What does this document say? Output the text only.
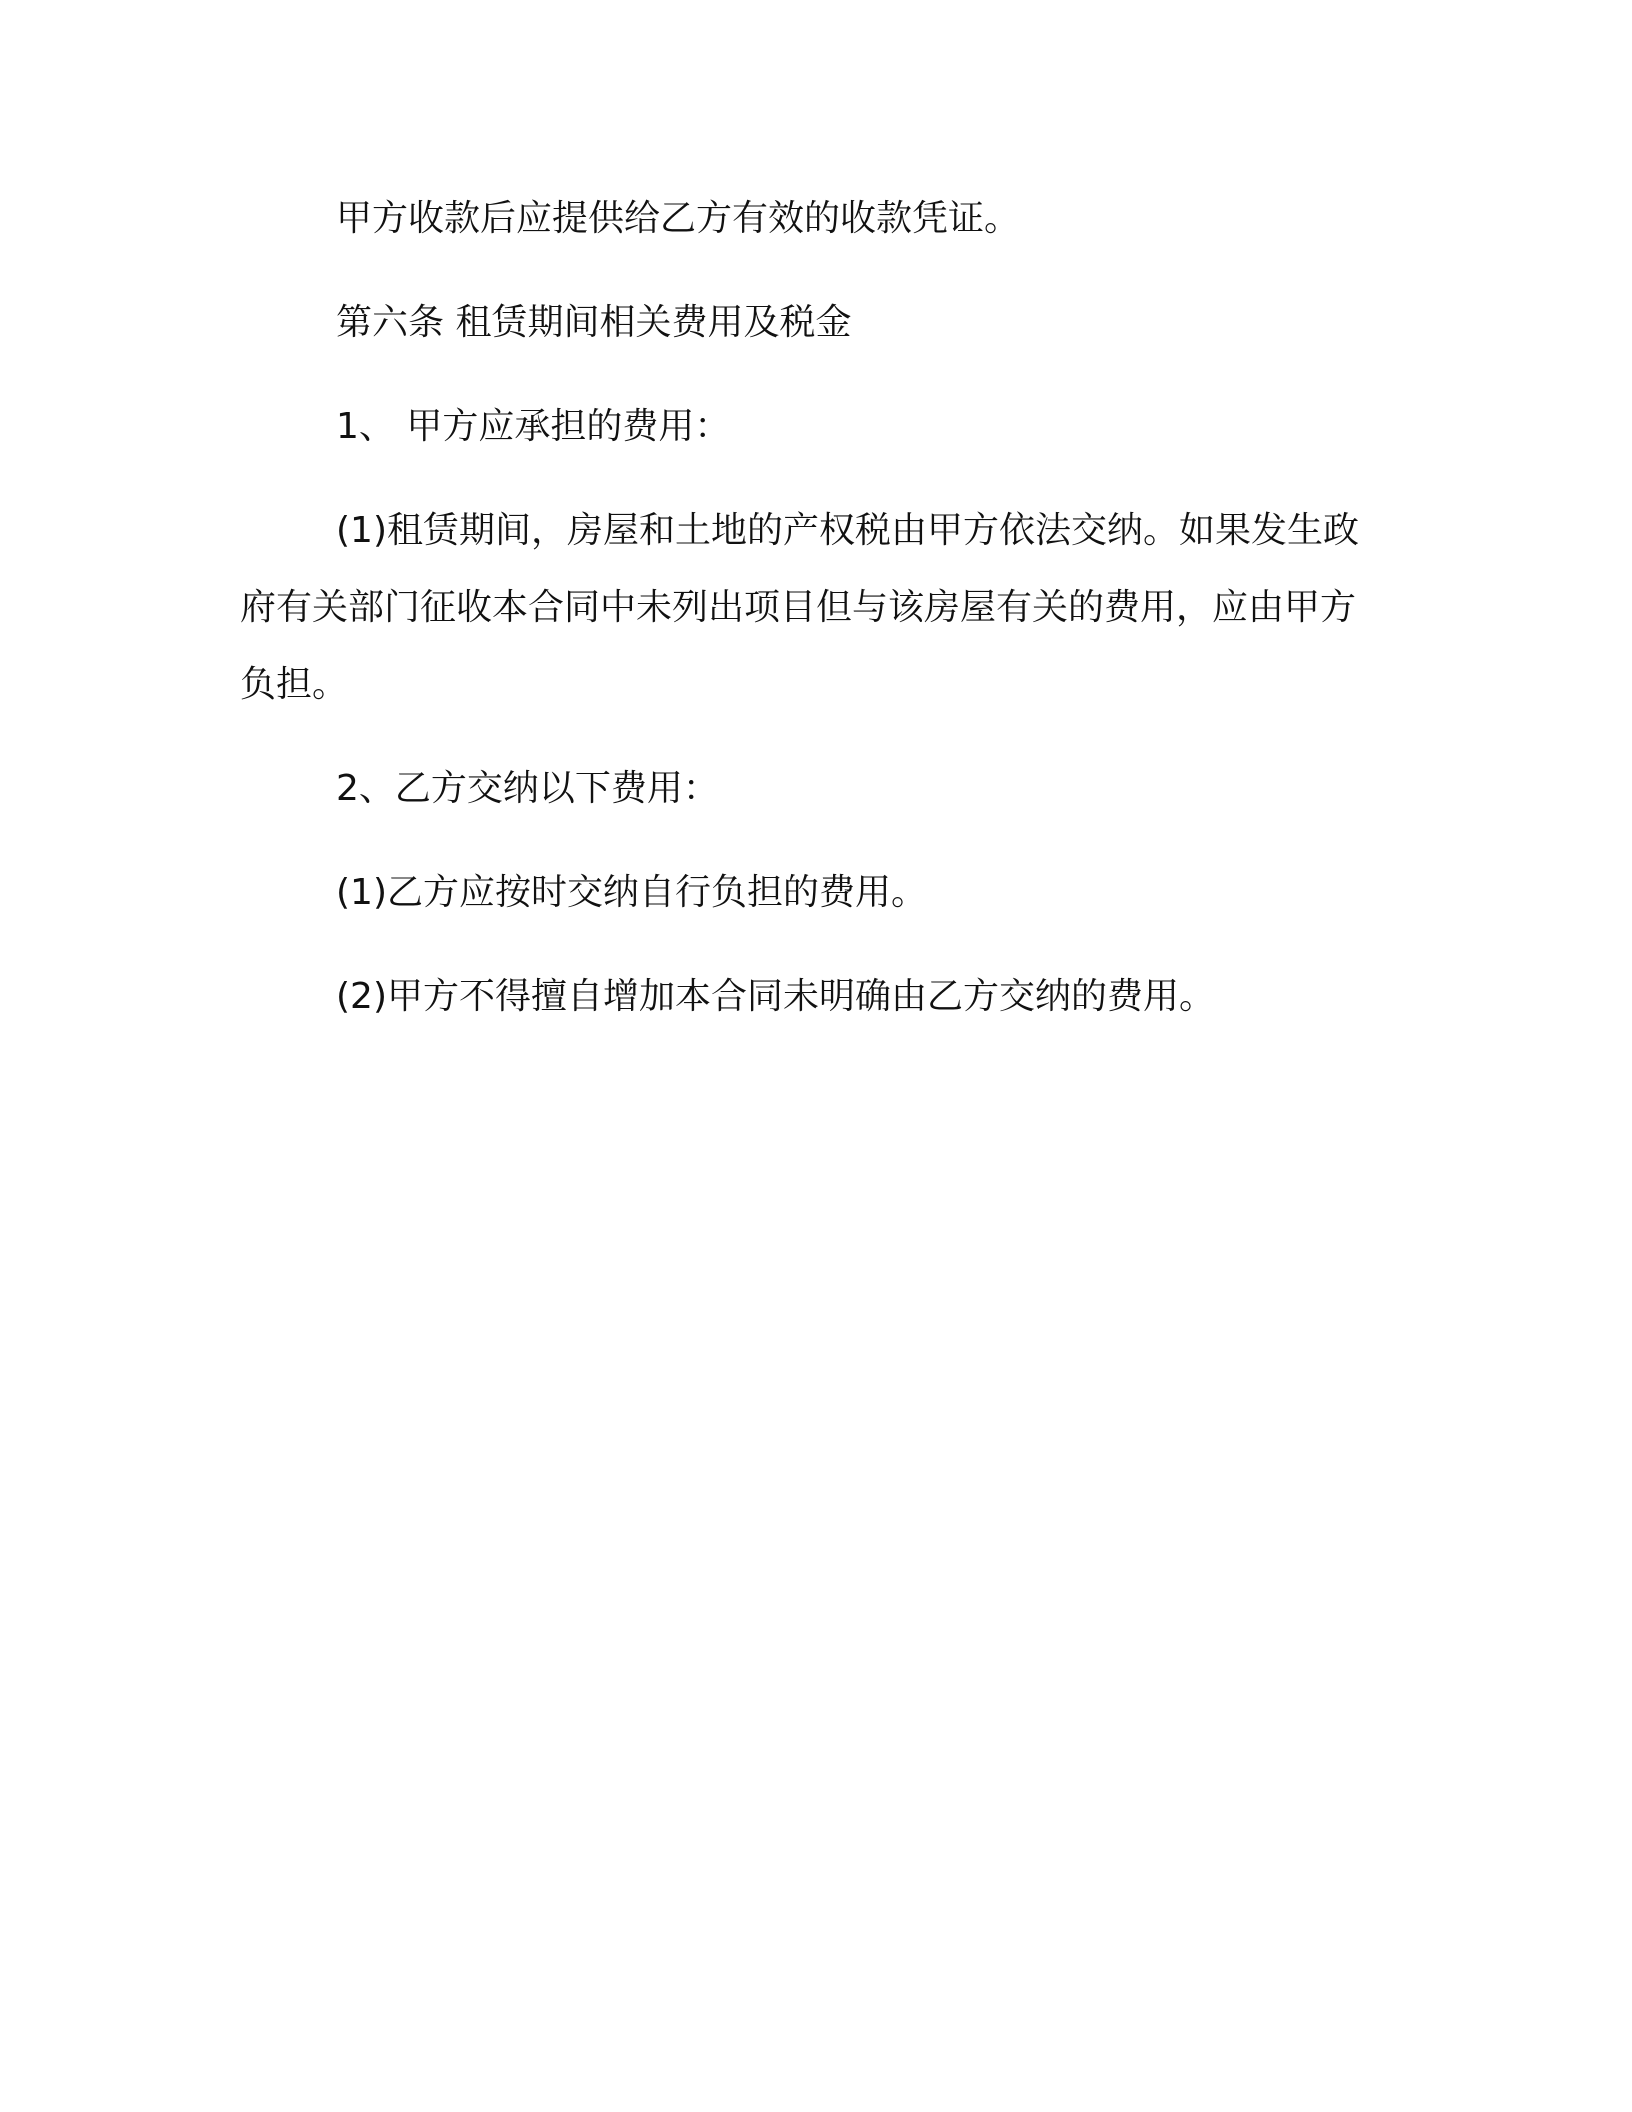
甲方收款后应提供给乙方有效的收款凭证。

第六条 租赁期间相关费用及税金

1、 甲方应承担的费用：

(1)租赁期间，房屋和土地的产权税由甲方依法交纳。如果发生政府有关部门征收本合同中未列出项目但与该房屋有关的费用，应由甲方负担。

2、乙方交纳以下费用：

(1)乙方应按时交纳自行负担的费用。

(2)甲方不得擅自增加本合同未明确由乙方交纳的费用。
